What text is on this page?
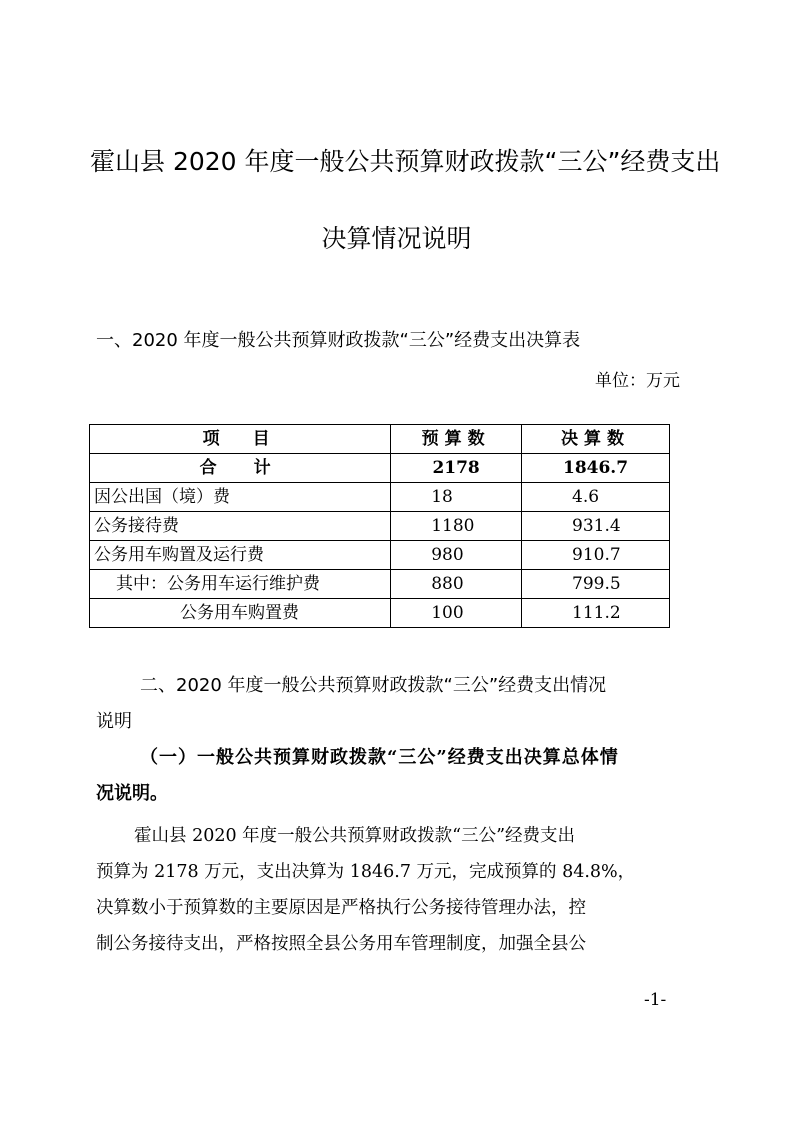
霍山县 2020 年度一般公共预算财政拨款“三公”经费支出
决算情况说明
一、2020 年度一般公共预算财政拨款“三公”经费支出决算表
单位：万元
项　目	预算数	决算数
合　计	2178	1846.7
因公出国（境）费	18	4.6
公务接待费	1180	931.4
公务用车购置及运行费	980	910.7
其中：公务用车运行维护费	880	799.5
公务用车购置费	100	111.2
二、2020 年度一般公共预算财政拨款“三公”经费支出情况
说明
（一）一般公共预算财政拨款“三公”经费支出决算总体情
况说明。
霍山县 2020 年度一般公共预算财政拨款“三公”经费支出
预算为 2178 万元，支出决算为 1846.7 万元，完成预算的 84.8%，
决算数小于预算数的主要原因是严格执行公务接待管理办法，控
制公务接待支出，严格按照全县公务用车管理制度，加强全县公
-1-
